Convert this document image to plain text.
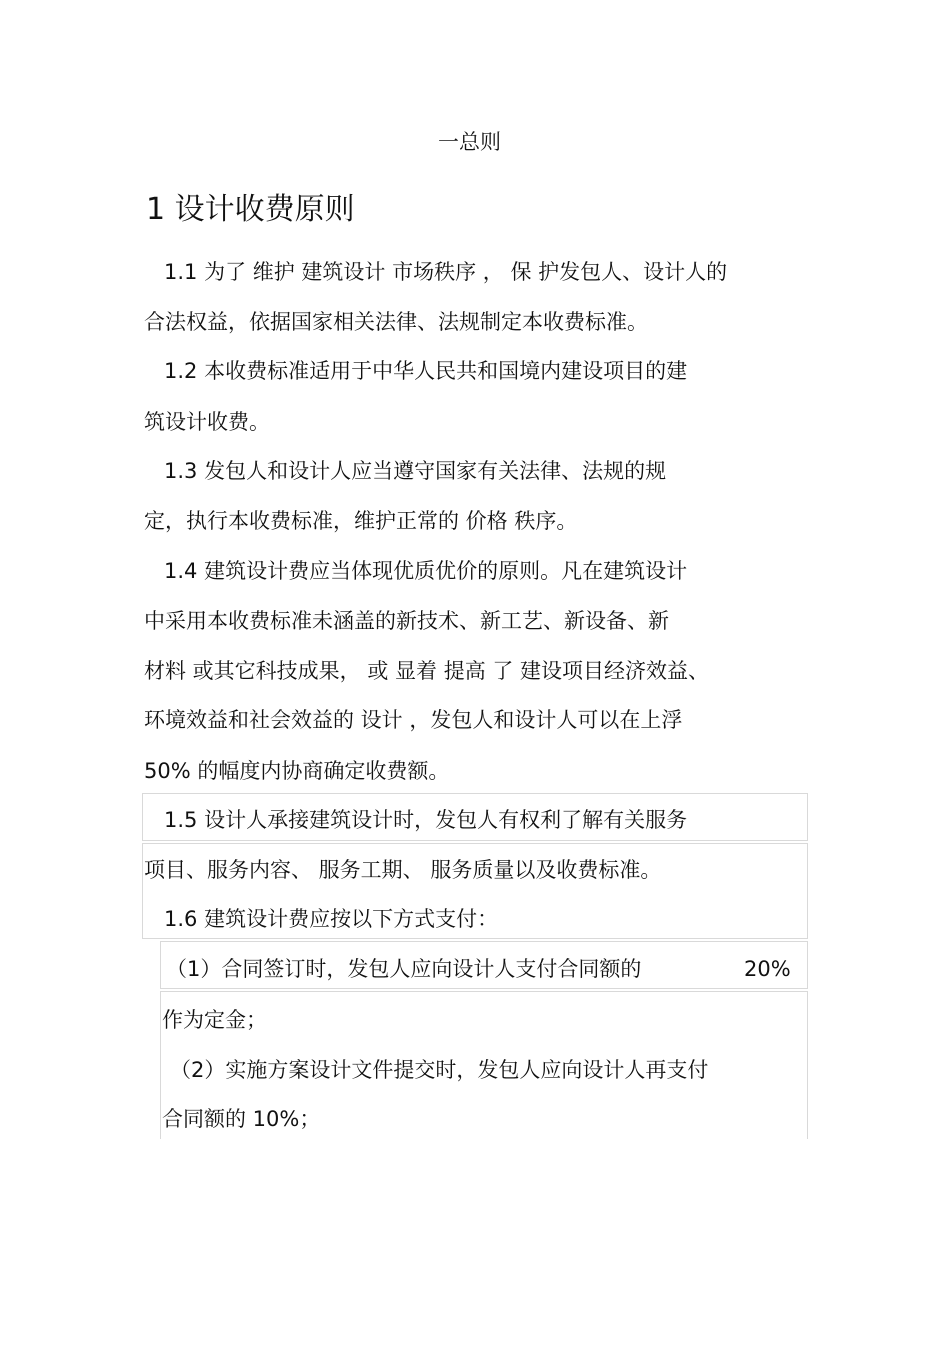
一总则
1 设计收费原则
1.1 为了 维护 建筑设计 市场秩序 ， 保 护发包人、设计人的
合法权益，依据国家相关法律、法规制定本收费标准。
1.2 本收费标准适用于中华人民共和国境内建设项目的建
筑设计收费。
1.3 发包人和设计人应当遵守国家有关法律、法规的规
定，执行本收费标准，维护正常的 价格 秩序。
1.4 建筑设计费应当体现优质优价的原则。凡在建筑设计
中采用本收费标准未涵盖的新技术、新工艺、新设备、新
材料 或其它科技成果， 或 显着 提高 了 建设项目经济效益、
环境效益和社会效益的 设计 ，发包人和设计人可以在上浮
50% 的幅度内协商确定收费额。
1.5 设计人承接建筑设计时，发包人有权利了解有关服务
项目、服务内容、 服务工期、 服务质量以及收费标准。
1.6 建筑设计费应按以下方式支付：
（1）合同签订时，发包人应向设计人支付合同额的	20%
作为定金；
（2）实施方案设计文件提交时，发包人应向设计人再支付
合同额的 10%；
